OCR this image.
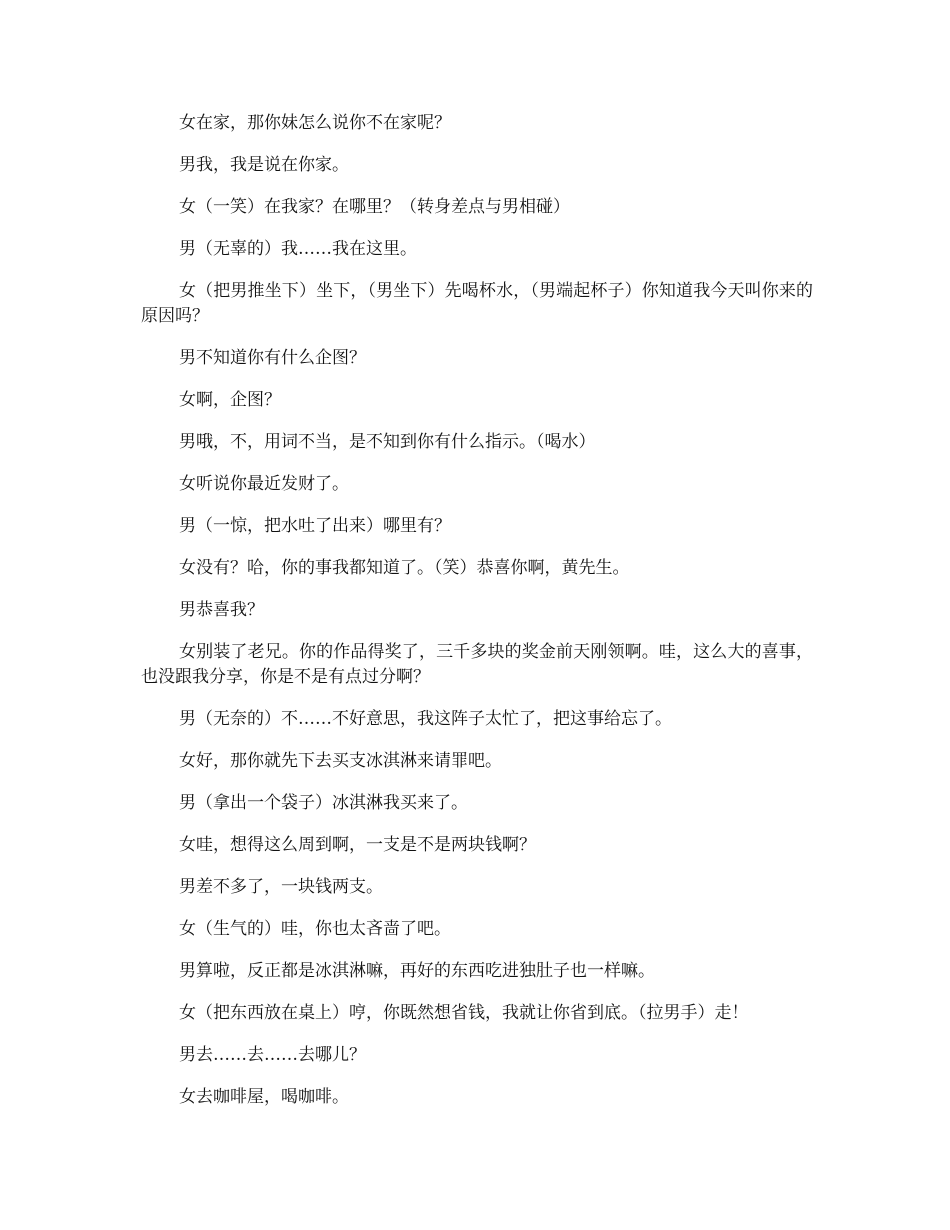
女在家，那你妹怎么说你不在家呢？

男我，我是说在你家。

女（一笑）在我家？在哪里？（转身差点与男相碰）

男（无辜的）我……我在这里。

女（把男推坐下）坐下，（男坐下）先喝杯水，（男端起杯子）你知道我今天叫你来的原因吗？

男不知道你有什么企图？

女啊，企图？

男哦，不，用词不当，是不知到你有什么指示。（喝水）

女听说你最近发财了。

男（一惊，把水吐了出来）哪里有？

女没有？哈，你的事我都知道了。（笑）恭喜你啊，黄先生。

男恭喜我？

女别装了老兄。你的作品得奖了，三千多块的奖金前天刚领啊。哇，这么大的喜事，也没跟我分享，你是不是有点过分啊？

男（无奈的）不……不好意思，我这阵子太忙了，把这事给忘了。

女好，那你就先下去买支冰淇淋来请罪吧。

男（拿出一个袋子）冰淇淋我买来了。

女哇，想得这么周到啊，一支是不是两块钱啊？

男差不多了，一块钱两支。

女（生气的）哇，你也太吝啬了吧。

男算啦，反正都是冰淇淋嘛，再好的东西吃进独肚子也一样嘛。

女（把东西放在桌上）哼，你既然想省钱，我就让你省到底。（拉男手）走！

男去……去……去哪儿？

女去咖啡屋，喝咖啡。
